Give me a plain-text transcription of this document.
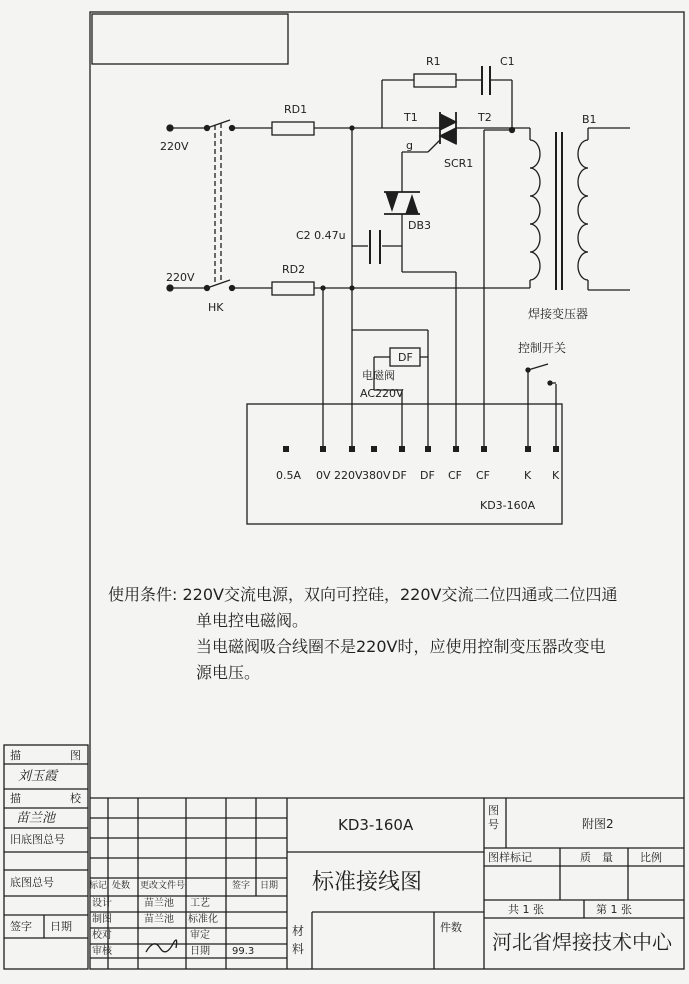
220V
220V
HK
RD1
RD2
R1	C1
T1	T2
g
SCR1
DB3
C2 0.47u
B1
焊接变压器
控制开关
DF
电磁阀
AC220V
0.5A 0V 220V 380V DF DF CF CF	K K
KD3-160A
使用条件: 220V交流电源，双向可控硅，220V交流二位四通或二位四通
单电控电磁阀。
当电磁阀吸合线圈不是220V时，应使用控制变压器改变电
源电压。
描	图
刘玉霞
描	校
苗兰池
旧底图总号
底图总号
签字 日期
KD3-160A
标准接线图
图号	附图2
图样标记	质　量 比例
共 1 张	第 1 张
河北省焊接技术中心
材料
件数
标记 处数 更改文件号	签字 日期
设计	苗兰池 工艺
制图	苗兰池 标准化
校对	审定
审核	日期 99.3
